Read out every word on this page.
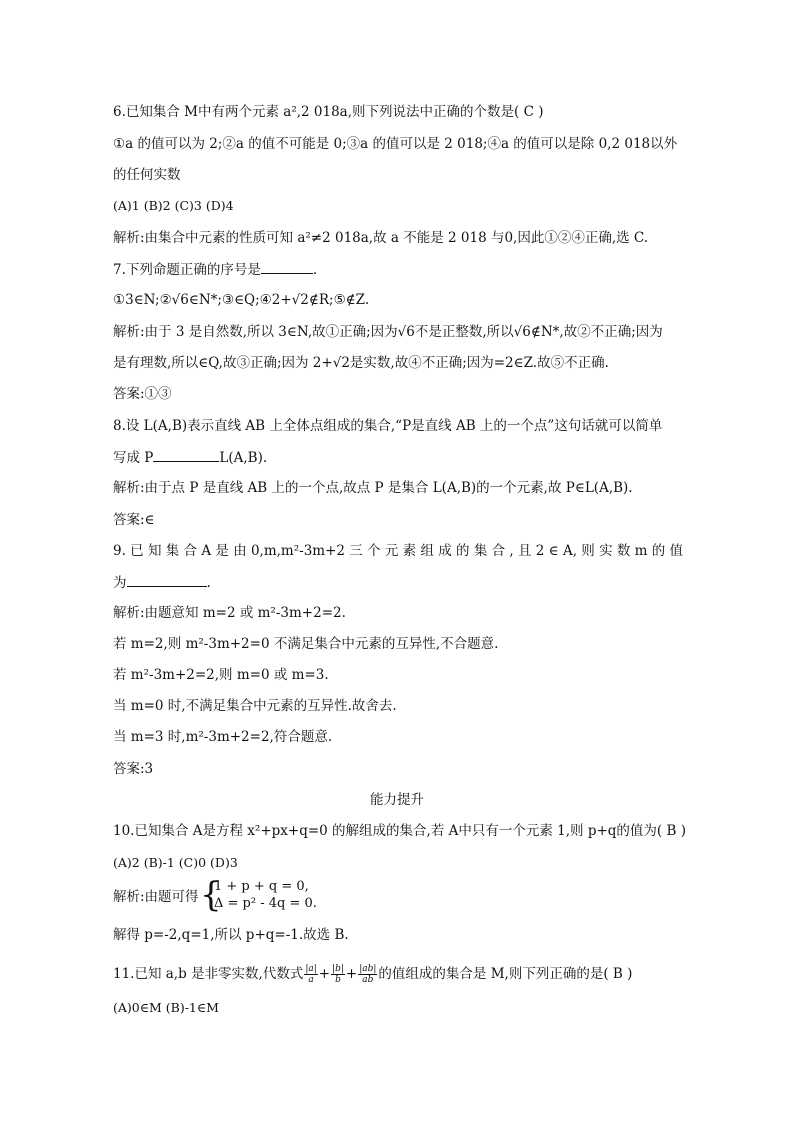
6.已知集合 M中有两个元素 a²,2 018a,则下列说法中正确的个数是( C )
①a 的值可以为 2;②a 的值不可能是 0;③a 的值可以是 2 018;④a 的值可以是除 0,2 018以外
的任何实数
(A)1 (B)2 (C)3 (D)4
解析:由集合中元素的性质可知 a²≠2 018a,故 a 不能是 2 018 与0,因此①②④正确,选 C.
7.下列命题正确的序号是	.
①3∈N;②√6∈N*;③∈Q;④2+√2∉R;⑤∉Z.
解析:由于 3 是自然数,所以 3∈N,故①正确;因为√6不是正整数,所以√6∉N*,故②不正确;因为
是有理数,所以∈Q,故③正确;因为 2+√2是实数,故④不正确;因为=2∈Z.故⑤不正确.
答案:①③
8.设 L(A,B)表示直线 AB 上全体点组成的集合,“P是直线 AB 上的一个点”这句话就可以简单
写成 P	L(A,B).
解析:由于点 P 是直线 AB 上的一个点,故点 P 是集合 L(A,B)的一个元素,故 P∈L(A,B).
答案:∈
9. 已 知 集 合 A 是 由 0,m,m²-3m+2 三 个 元 素 组 成 的 集 合 , 且 2 ∈ A, 则 实 数 m 的 值
为	.
解析:由题意知 m=2 或 m²-3m+2=2.
若 m=2,则 m²-3m+2=0 不满足集合中元素的互异性,不合题意.
若 m²-3m+2=2,则 m=0 或 m=3.
当 m=0 时,不满足集合中元素的互异性.故舍去.
当 m=3 时,m²-3m+2=2,符合题意.
答案:3
能力提升
10.已知集合 A是方程 x²+px+q=0 的解组成的集合,若 A中只有一个元素 1,则 p+q的值为( B )
(A)2 (B)-1 (C)0 (D)3
解析:由题可得 {
1 + p + q = 0,
Δ = p² - 4q = 0.
解得 p=-2,q=1,所以 p+q=-1.故选 B.
11.已知 a,b 是非零实数,代数式 $\frac{|a|}{a} + \frac{|b|}{b} + \frac{|ab|}{ab}$ 的值组成的集合是 M,则下列正确的是( B )
(A)0∈M (B)-1∈M
